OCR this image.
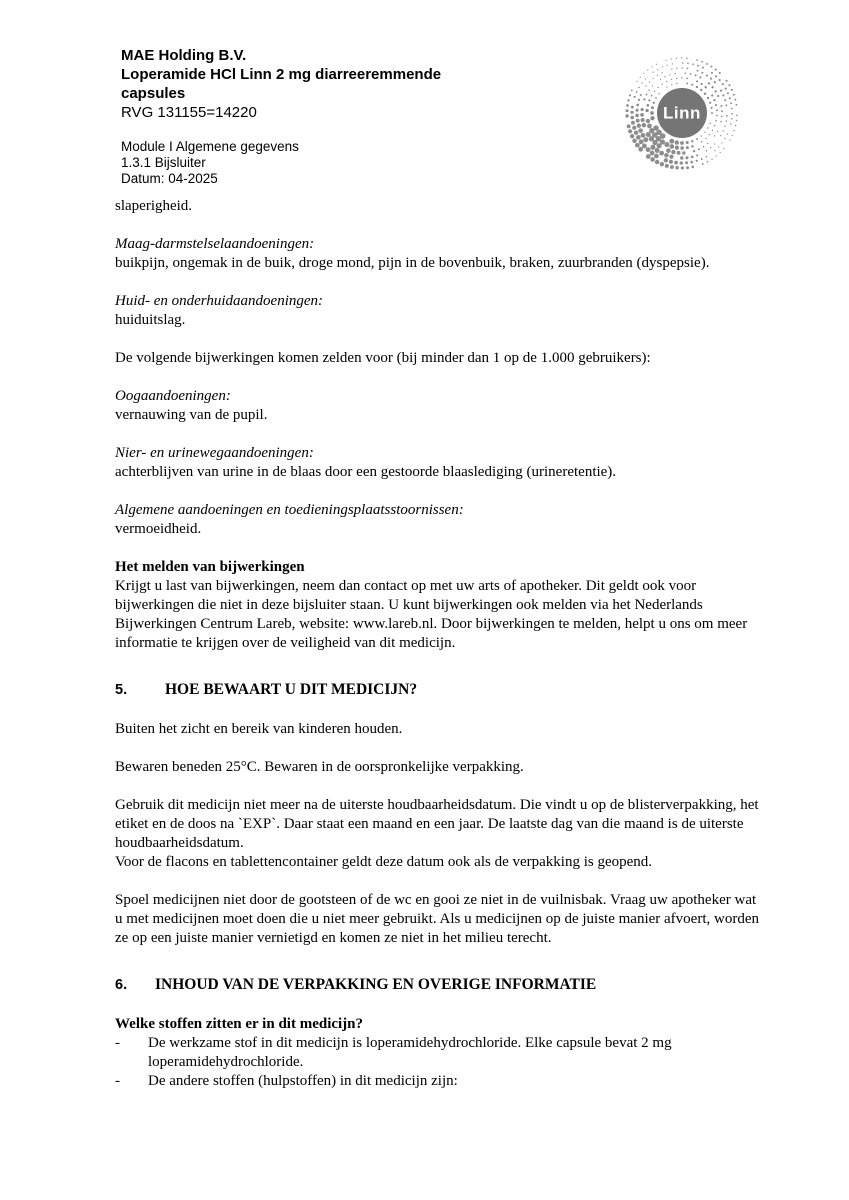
MAE Holding B.V.
Loperamide HCl Linn 2 mg diarreeremmende
capsules
RVG 131155=14220
Module I Algemene gegevens
1.3.1 Bijsluiter
Datum: 04-2025
Linn

slaperigheid.

Maag-darmstelselaandoeningen:
buikpijn, ongemak in de buik, droge mond, pijn in de bovenbuik, braken, zuurbranden (dyspepsie).
Huid- en onderhuidaandoeningen:
huiduitslag.

De volgende bijwerkingen komen zelden voor (bij minder dan 1 op de 1.000 gebruikers):

Oogaandoeningen:
vernauwing van de pupil.
Nier- en urinewegaandoeningen:
achterblijven van urine in de blaas door een gestoorde blaaslediging (urineretentie).
Algemene aandoeningen en toedieningsplaatsstoornissen:
vermoeidheid.
Het melden van bijwerkingen
Krijgt u last van bijwerkingen, neem dan contact op met uw arts of apotheker. Dit geldt ook voor bijwerkingen die niet in deze bijsluiter staan. U kunt bijwerkingen ook melden via het Nederlands Bijwerkingen Centrum Lareb, website: www.lareb.nl. Door bijwerkingen te melden, helpt u ons om meer informatie te krijgen over de veiligheid van dit medicijn.
5. HOE BEWAART U DIT MEDICIJN?

Buiten het zicht en bereik van kinderen houden.

Bewaren beneden 25°C. Bewaren in de oorspronkelijke verpakking.

Gebruik dit medicijn niet meer na de uiterste houdbaarheidsdatum. Die vindt u op de blisterverpakking, het etiket en de doos na `EXP`. Daar staat een maand en een jaar. De laatste dag van die maand is de uiterste houdbaarheidsdatum.
Voor de flacons en tablettencontainer geldt deze datum ook als de verpakking is geopend.

Spoel medicijnen niet door de gootsteen of de wc en gooi ze niet in de vuilnisbak. Vraag uw apotheker wat u met medicijnen moet doen die u niet meer gebruikt. Als u medicijnen op de juiste manier afvoert, worden ze op een juiste manier vernietigd en komen ze niet in het milieu terecht.

6. INHOUD VAN DE VERPAKKING EN OVERIGE INFORMATIE
Welke stoffen zitten er in dit medicijn?
-	De werkzame stof in dit medicijn is loperamidehydrochloride. Elke capsule bevat 2 mg loperamidehydrochloride.
-	De andere stoffen (hulpstoffen) in dit medicijn zijn:
